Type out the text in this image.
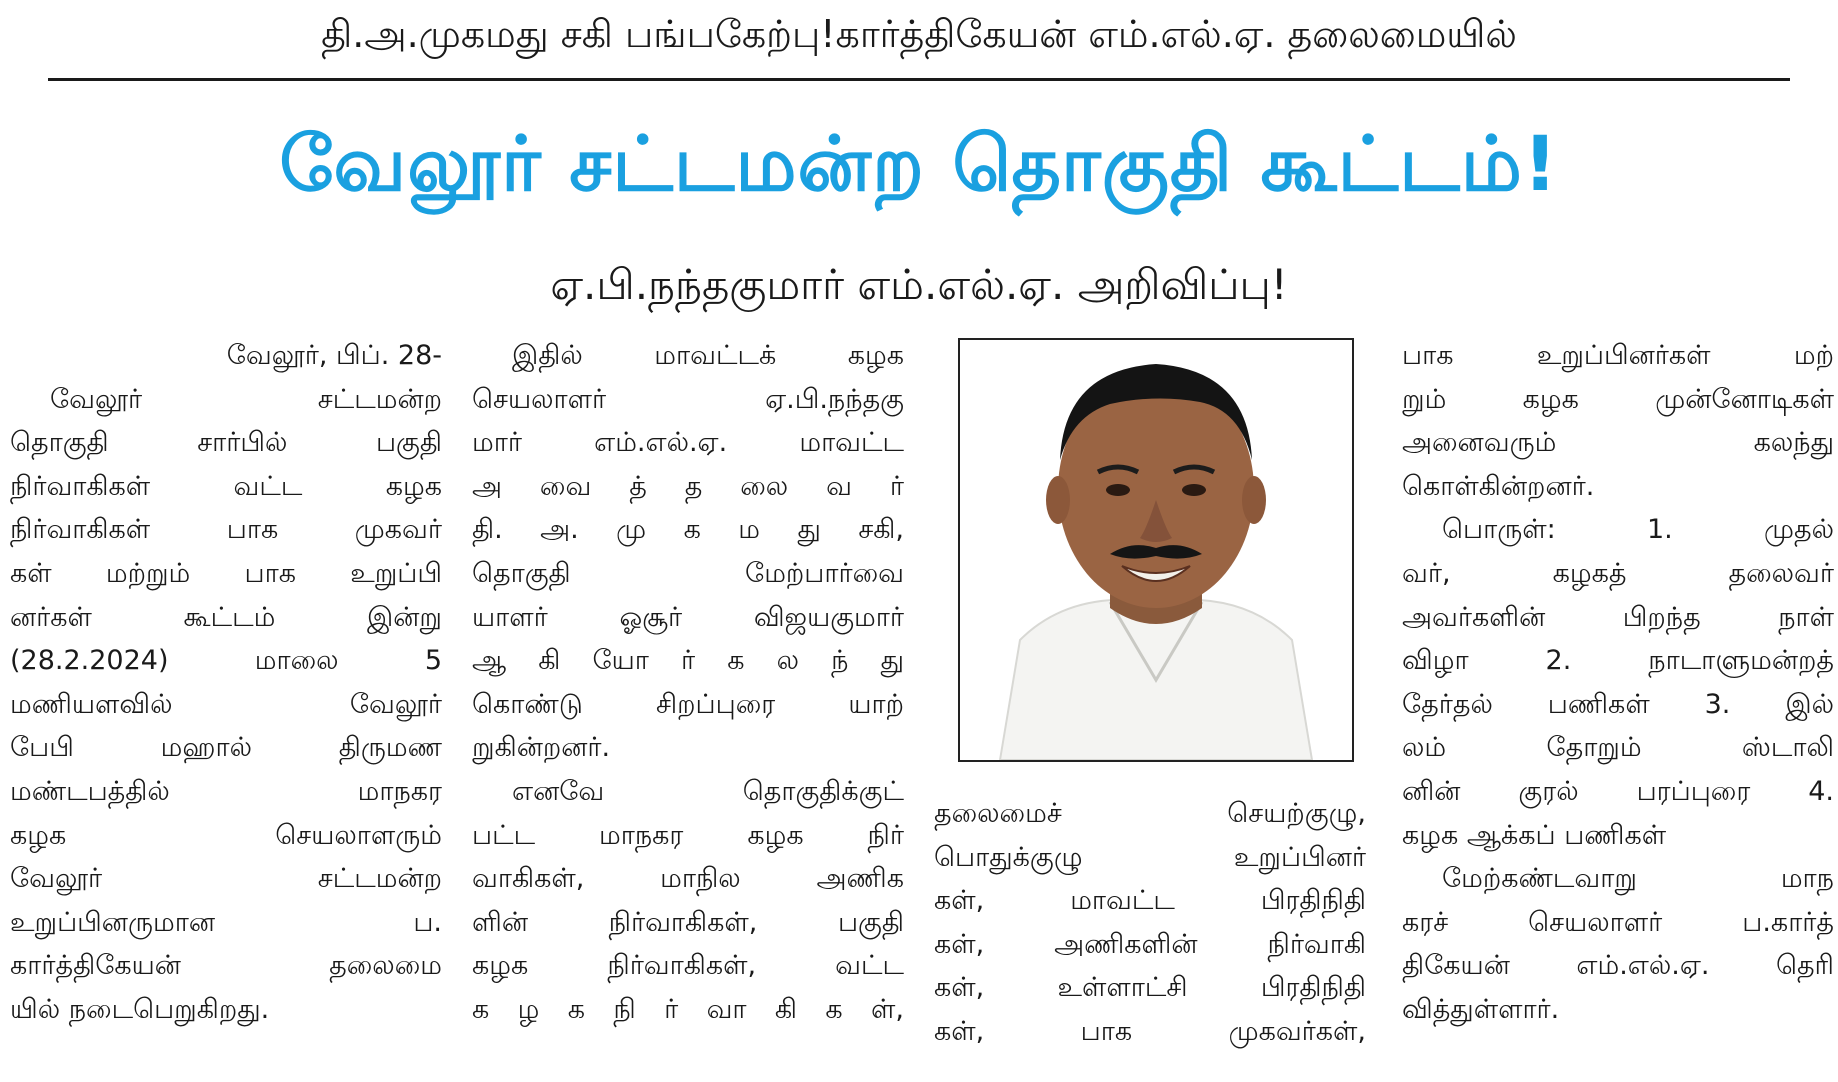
தி.அ.முகமது சகி பங்பகேற்பு!கார்த்திகேயன் எம்.எல்.ஏ. தலைமையில்
வேலூர் சட்டமன்ற தொகுதி கூட்டம்!
ஏ.பி.நந்தகுமார் எம்.எல்.ஏ. அறிவிப்பு!
வேலூர், பிப். 28-
வேலூர் சட்டமன்ற
தொகுதி சார்பில் பகுதி
நிர்வாகிகள் வட்ட கழக
நிர்வாகிகள் பாக முகவர்
கள் மற்றும் பாக உறுப்பி
னர்கள் கூட்டம் இன்று
(28.2.2024) மாலை 5
மணியளவில் வேலூர்
பேபி மஹால் திருமண
மண்டபத்தில் மாநகர
கழக செயலாளரும்
வேலூர் சட்டமன்ற
உறுப்பினருமான ப.
கார்த்திகேயன் தலைமை
யில் நடைபெறுகிறது.
இதில் மாவட்டக் கழக
செயலாளர் ஏ.பி.நந்தகு
மார் எம்.எல்.ஏ. மாவட்ட
அ வை த் த லை வ ர்
தி. அ. மு க ம து சகி,
தொகுதி மேற்பார்வை
யாளர் ஓசூர் விஜயகுமார்
ஆ கி யோ ர் க ல ந் து
கொண்டு சிறப்புரை யாற்
றுகின்றனர்.
எனவே தொகுதிக்குட்
பட்ட மாநகர கழக நிர்
வாகிகள், மாநில அணிக
ளின் நிர்வாகிகள், பகுதி
கழக நிர்வாகிகள், வட்ட
க ழ க நி ர் வா கி க ள்,
தலைமைச் செயற்குழு,
பொதுக்குழு உறுப்பினர்
கள், மாவட்ட பிரதிநிதி
கள், அணிகளின் நிர்வாகி
கள், உள்ளாட்சி பிரதிநிதி
கள், பாக முகவர்கள்,
பாக உறுப்பினர்கள் மற்
றும் கழக முன்னோடிகள்
அனைவரும் கலந்து
கொள்கின்றனர்.
பொருள்: 1. முதல்
வர், கழகத் தலைவர்
அவர்களின் பிறந்த நாள்
விழா 2. நாடாளுமன்றத்
தேர்தல் பணிகள் 3. இல்
லம் தோறும் ஸ்டாலி
னின் குரல் பரப்புரை 4.
கழக ஆக்கப் பணிகள்
மேற்கண்டவாறு மாந
கரச் செயலாளர் ப.கார்த்
திகேயன் எம்.எல்.ஏ. தெரி
வித்துள்ளார்.
